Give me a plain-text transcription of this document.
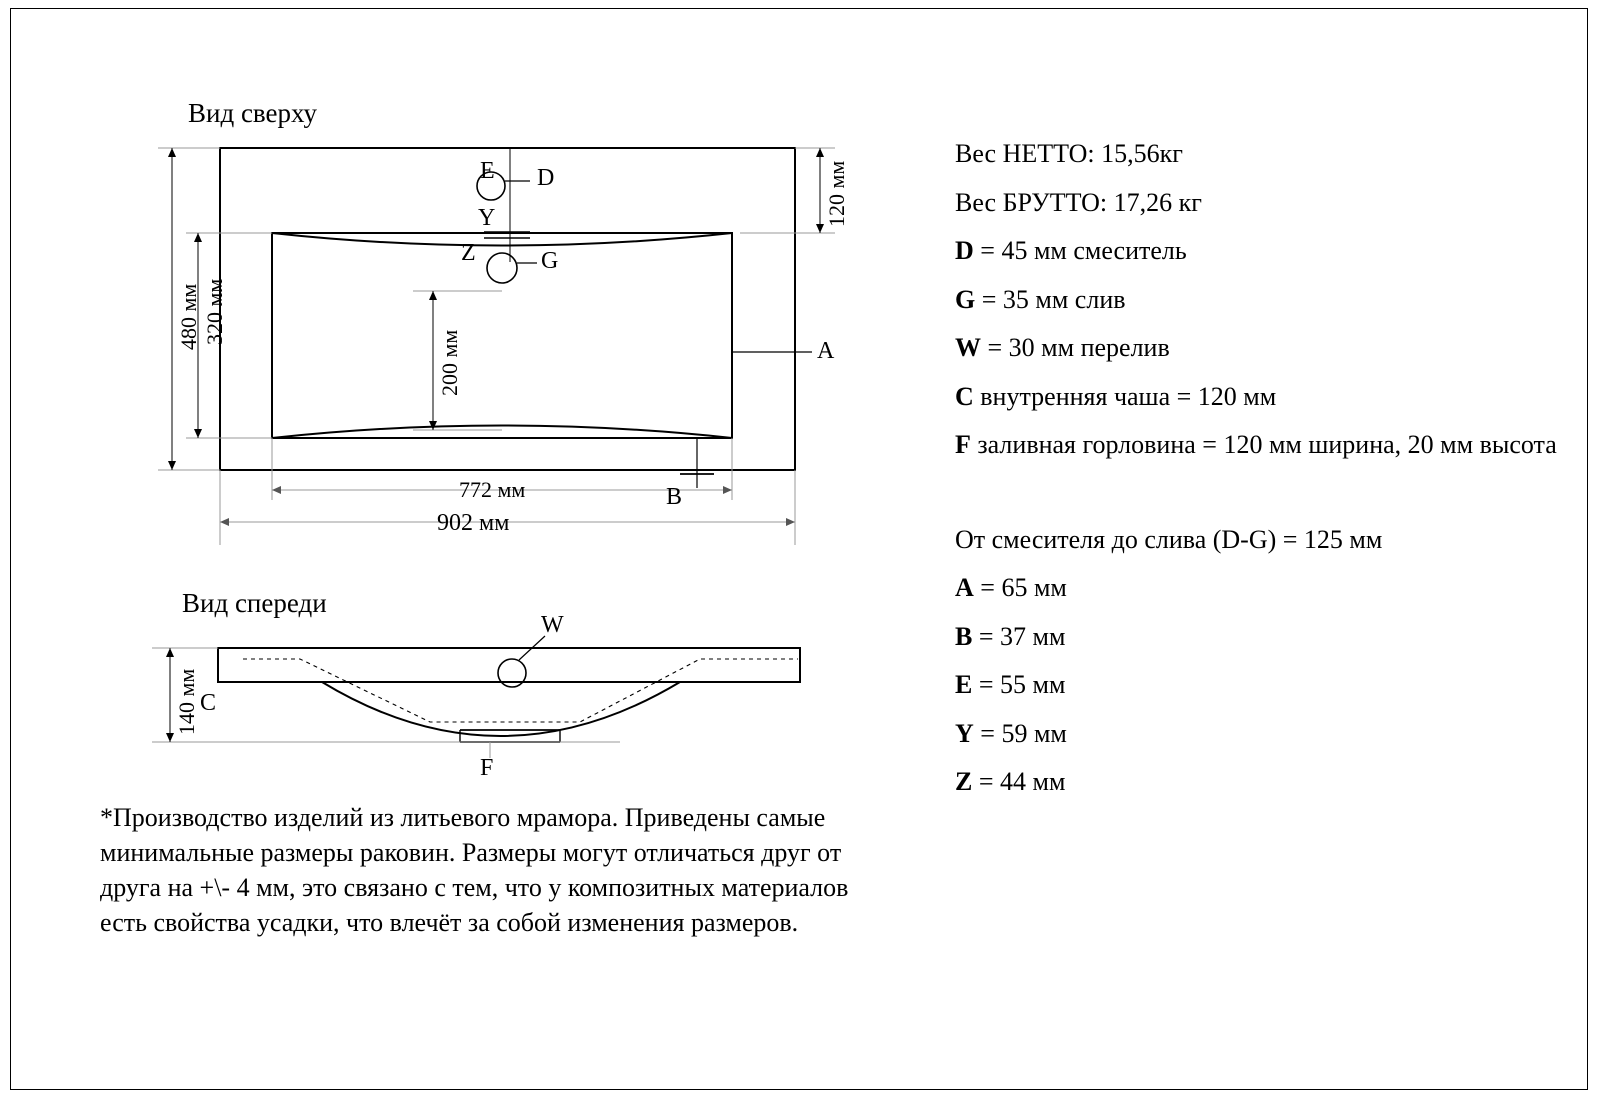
Вид сверху
Вид спереди
E D
Y
Z	G
A
B
480 мм 320 мм
120 мм
200 мм
772 мм
902 мм
W
C
F
140 мм
Вес НЕТТО: 15,56кг
Вес БРУТТО: 17,26 кг
D = 45 мм смеситель
G = 35 мм слив
W = 30 мм перелив
C внутренняя чаша = 120 мм
F заливная горловина = 120 мм ширина, 20 мм высота
От смесителя до слива (D-G) = 125 мм
A = 65 мм
B = 37 мм
E = 55 мм
Y = 59 мм
Z = 44 мм
*Производство изделий из литьевого мрамора. Приведены самые минимальные размеры раковин. Размеры могут отличаться друг от друга на +\- 4 мм, это связано с тем, что у композитных материалов есть свойства усадки, что влечёт за собой изменения размеров.
